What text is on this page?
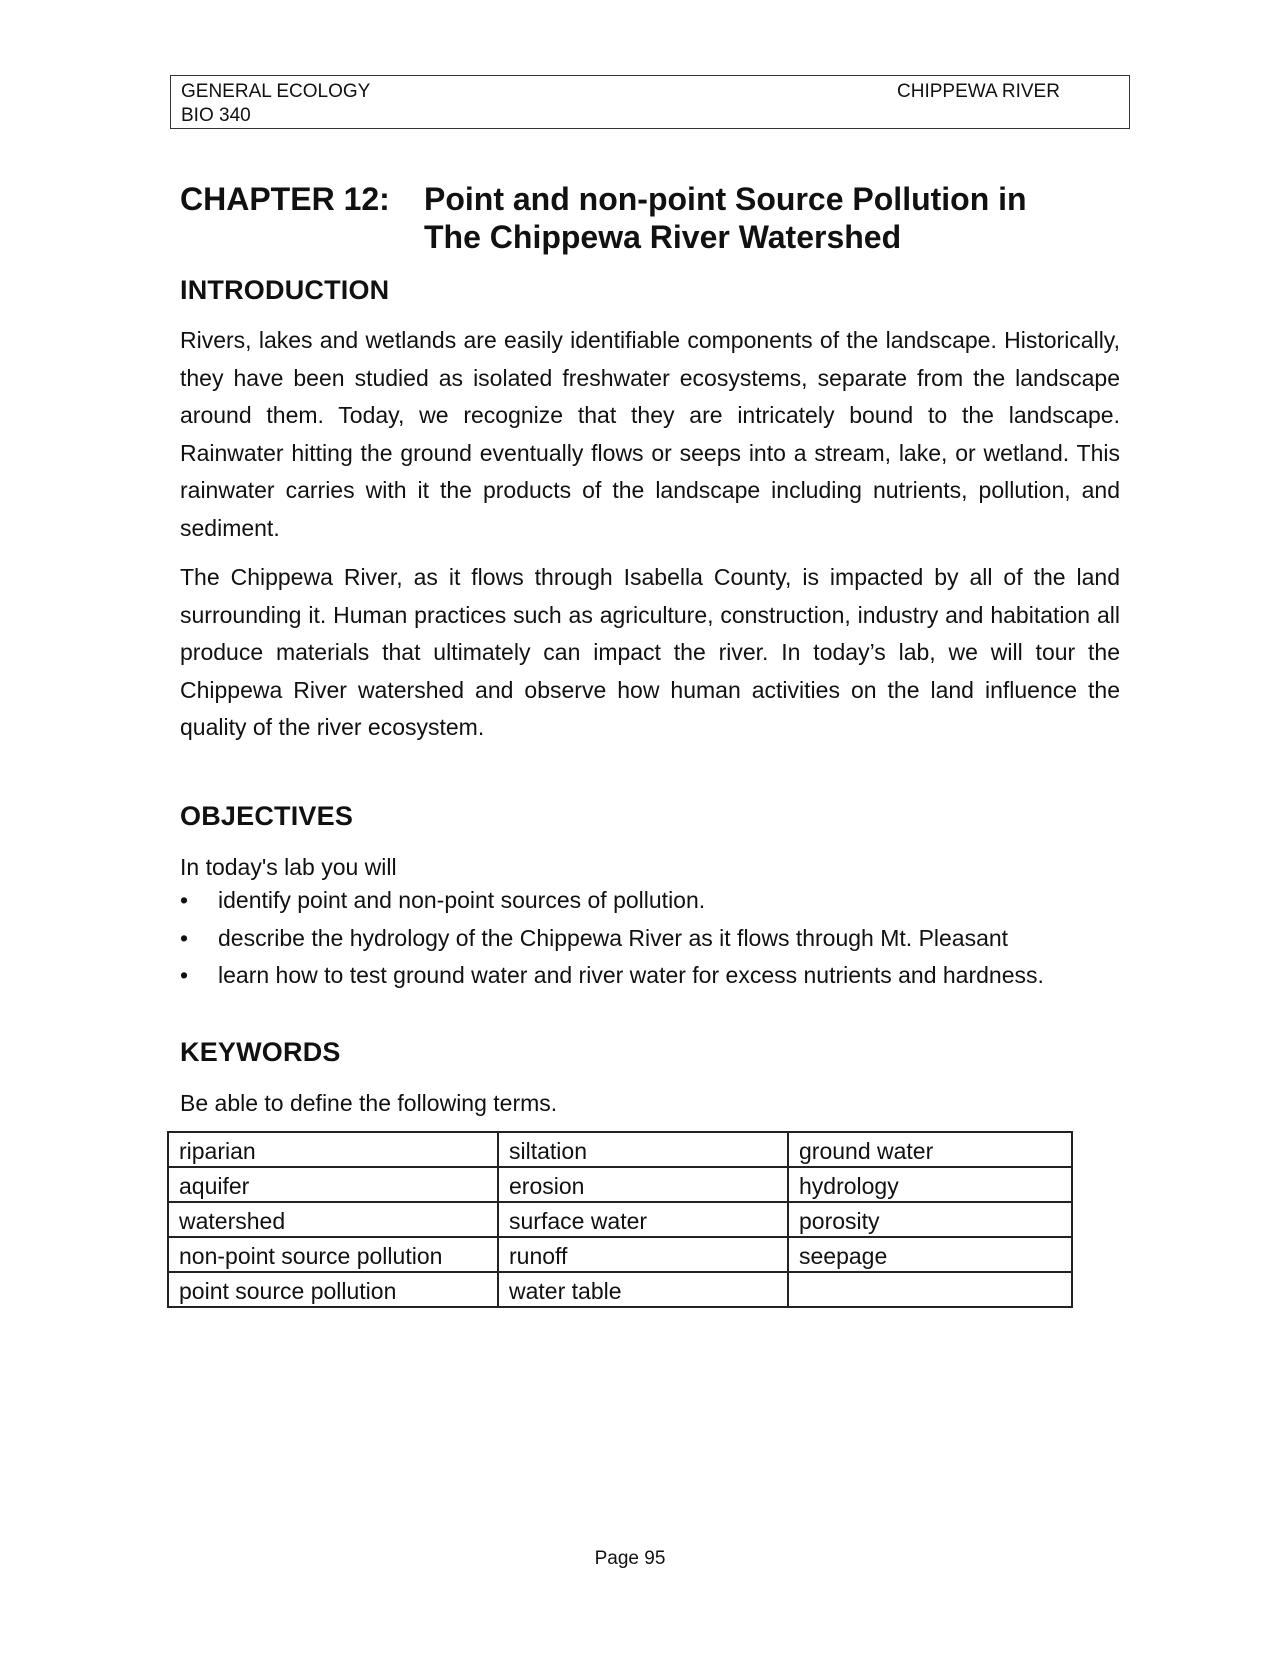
GENERAL ECOLOGY
BIO 340
CHIPPEWA RIVER
CHAPTER 12: Point and non-point Source Pollution in
The Chippewa River Watershed
INTRODUCTION

Rivers, lakes and wetlands are easily identifiable components of the landscape. Historically, they have been studied as isolated freshwater ecosystems, separate from the landscape around them. Today, we recognize that they are intricately bound to the landscape. Rainwater hitting the ground eventually flows or seeps into a stream, lake, or wetland. This rainwater carries with it the products of the landscape including nutrients, pollution, and sediment.

The Chippewa River, as it flows through Isabella County, is impacted by all of the land surrounding it. Human practices such as agriculture, construction, industry and habitation all produce materials that ultimately can impact the river. In today’s lab, we will tour the Chippewa River watershed and observe how human activities on the land influence the quality of the river ecosystem.

OBJECTIVES

In today's lab you will

• identify point and non-point sources of pollution.
• describe the hydrology of the Chippewa River as it flows through Mt. Pleasant
• learn how to test ground water and river water for excess nutrients and hardness.
KEYWORDS

Be able to define the following terms.

riparian	siltation	ground water
aquifer	erosion	hydrology
watershed	surface water	porosity
non-point source pollution	runoff	seepage
point source pollution	water table	
Page 95
